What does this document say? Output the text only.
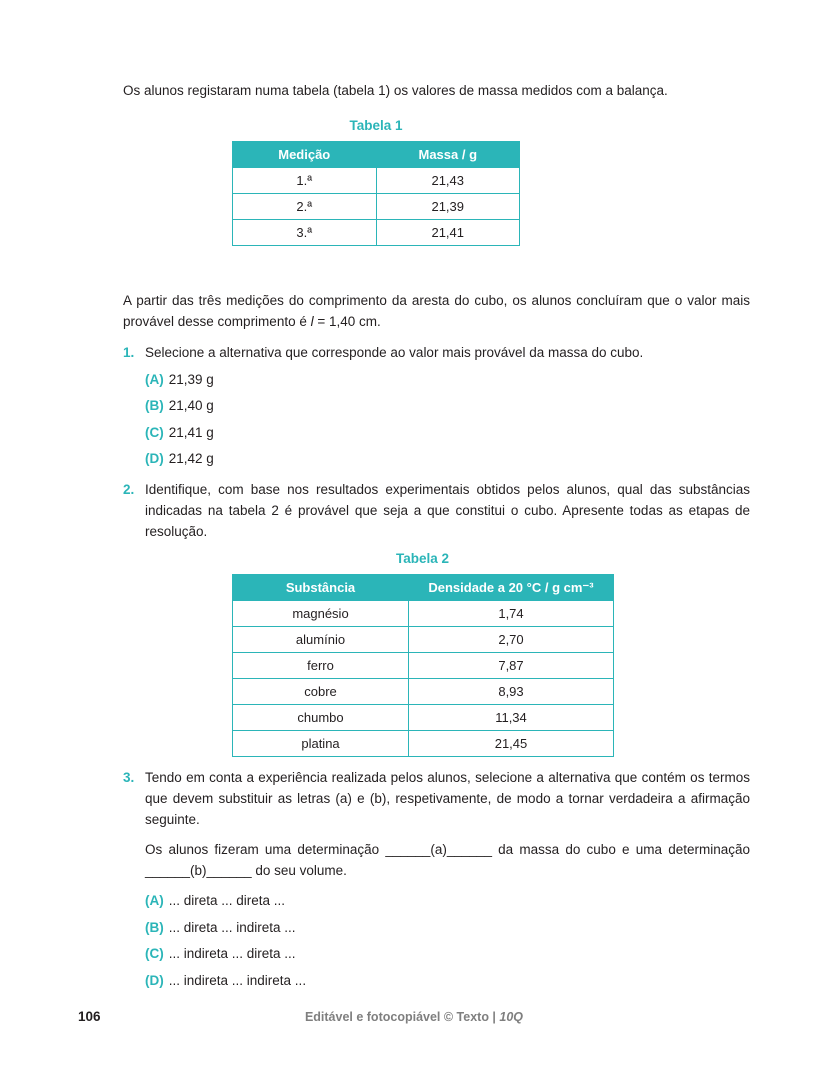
Os alunos registaram numa tabela (tabela 1) os valores de massa medidos com a balança.

Tabela 1
Medição	Massa / g
1.ª	21,43
2.ª	21,39
3.ª	21,41

A partir das três medições do comprimento da aresta do cubo, os alunos concluíram que o valor mais provável desse comprimento é l = 1,40 cm.

1. Selecione a alternativa que corresponde ao valor mais provável da massa do cubo.
(A) 21,39 g
(B) 21,40 g
(C) 21,41 g
(D) 21,42 g
2. Identifique, com base nos resultados experimentais obtidos pelos alunos, qual das substâncias indicadas na tabela 2 é provável que seja a que constitui o cubo. Apresente todas as etapas de resolução.
Tabela 2
Substância	Densidade a 20 °C / g cm⁻³
magnésio	1,74
alumínio	2,70
ferro	7,87
cobre	8,93
chumbo	11,34
platina	21,45
3. Tendo em conta a experiência realizada pelos alunos, selecione a alternativa que contém os termos que devem substituir as letras (a) e (b), respetivamente, de modo a tornar verdadeira a afirmação seguinte.

Os alunos fizeram uma determinação ______(a)______ da massa do cubo e uma determinação ______(b)______ do seu volume.

(A) ... direta ... direta ...
(B) ... direta ... indireta ...
(C) ... indireta ... direta ...
(D) ... indireta ... indireta ...
106	Editável e fotocopiável © Texto | 10Q
